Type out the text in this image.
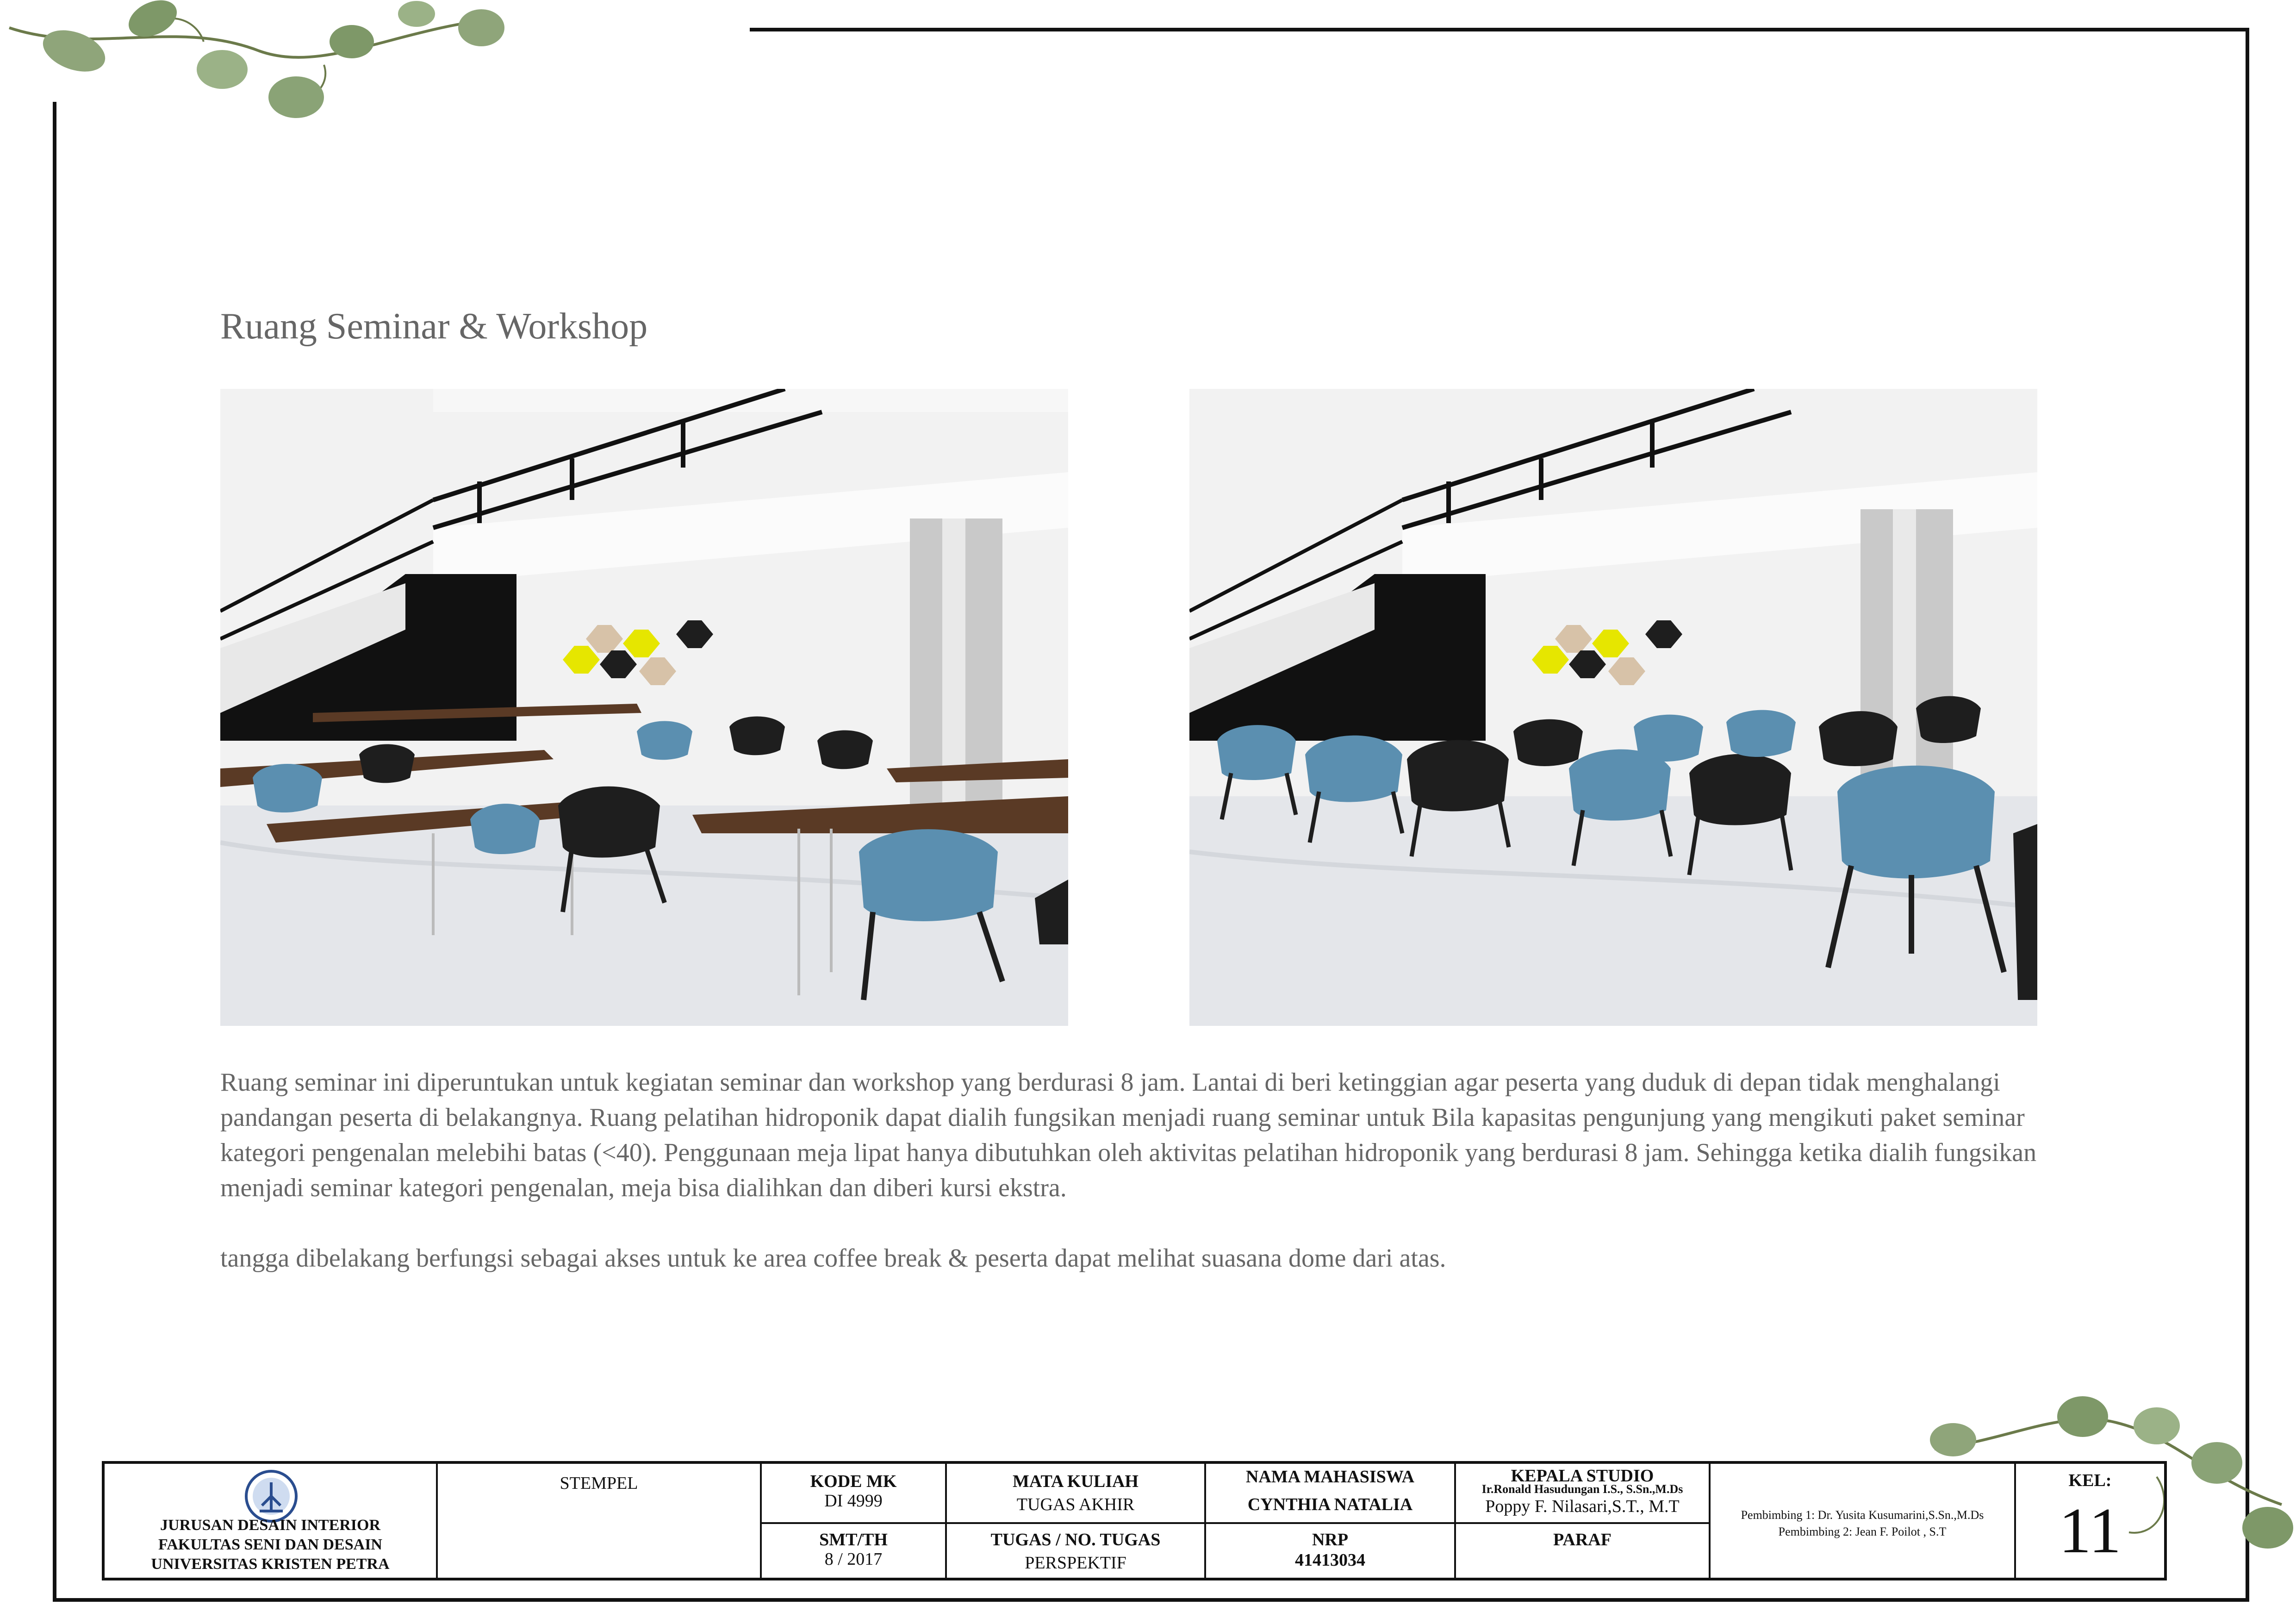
Ruang Seminar & Workshop

Ruang seminar ini diperuntukan untuk kegiatan seminar dan workshop yang berdurasi 8 jam. Lantai di beri ketinggian agar peserta yang duduk di depan tidak menghalangi pandangan peserta di belakangnya. Ruang pelatihan hidroponik dapat dialih fungsikan menjadi ruang seminar untuk Bila kapasitas pengunjung yang mengikuti paket seminar kategori pengenalan melebihi batas (<40). Penggunaan meja lipat hanya dibutuhkan oleh aktivitas pelatihan hidroponik yang berdurasi 8 jam. Sehingga ketika dialih fungsikan menjadi seminar kategori pengenalan, meja bisa dialihkan dan diberi kursi ekstra.

tangga dibelakang berfungsi sebagai akses untuk ke area coffee break & peserta dapat melihat suasana dome dari atas.

JURUSAN DESAIN INTERIOR
FAKULTAS SENI DAN DESAIN
UNIVERSITAS KRISTEN PETRA
STEMPEL	KODE MK
DI 4999
SMT/TH
8 / 2017
MATA KULIAH
TUGAS AKHIR
TUGAS / NO. TUGAS
PERSPEKTIF
NAMA MAHASISWA
CYNTHIA NATALIA
NRP
41413034
KEPALA STUDIO
Ir.Ronald Hasudungan I.S., S.Sn.,M.Ds
Poppy F. Nilasari,S.T., M.T
PARAF
Pembimbing 1: Dr. Yusita Kusumarini,S.Sn.,M.Ds
Pembimbing 2: Jean F. Poilot , S.T
KEL:
11
